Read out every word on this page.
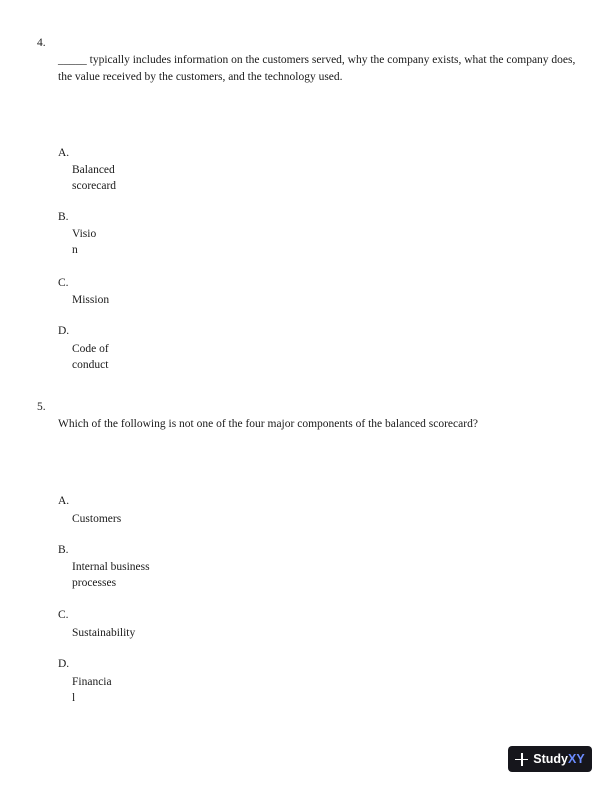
4.
_____ typically includes information on the customers served, why the company exists, what the company does, the value received by the customers, and the technology used.
A.
Balanced
scorecard
B.
Visio
n
C.
Mission
D.
Code of
conduct
5.
Which of the following is not one of the four major components of the balanced scorecard?
A.
Customers
B.
Internal business
processes
C.
Sustainability
D.
Financia
l
StudyXY
